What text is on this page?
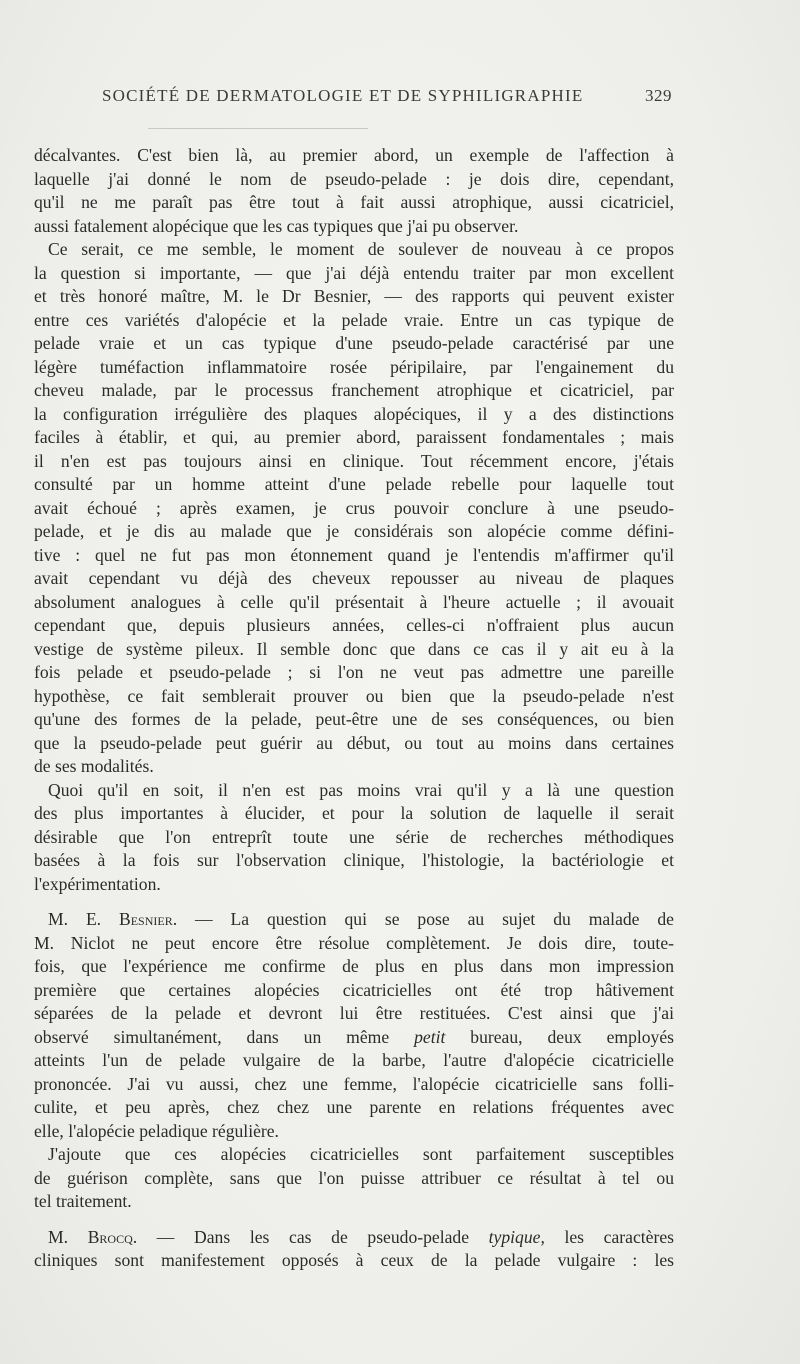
SOCIÉTÉ DE DERMATOLOGIE ET DE SYPHILIGRAPHIE	329
décalvantes. C'est bien là, au premier abord, un exemple de l'affection à
laquelle j'ai donné le nom de pseudo-pelade : je dois dire, cependant,
qu'il ne me paraît pas être tout à fait aussi atrophique, aussi cicatriciel,
aussi fatalement alopécique que les cas typiques que j'ai pu observer.
Ce serait, ce me semble, le moment de soulever de nouveau à ce propos
la question si importante, — que j'ai déjà entendu traiter par mon excellent
et très honoré maître, M. le Dr Besnier, — des rapports qui peuvent exister
entre ces variétés d'alopécie et la pelade vraie. Entre un cas typique de
pelade vraie et un cas typique d'une pseudo-pelade caractérisé par une
légère tuméfaction inflammatoire rosée péripilaire, par l'engainement du
cheveu malade, par le processus franchement atrophique et cicatriciel, par
la configuration irrégulière des plaques alopéciques, il y a des distinctions
faciles à établir, et qui, au premier abord, paraissent fondamentales ; mais
il n'en est pas toujours ainsi en clinique. Tout récemment encore, j'étais
consulté par un homme atteint d'une pelade rebelle pour laquelle tout
avait échoué ; après examen, je crus pouvoir conclure à une pseudo-
pelade, et je dis au malade que je considérais son alopécie comme défini-
tive : quel ne fut pas mon étonnement quand je l'entendis m'affirmer qu'il
avait cependant vu déjà des cheveux repousser au niveau de plaques
absolument analogues à celle qu'il présentait à l'heure actuelle ; il avouait
cependant que, depuis plusieurs années, celles-ci n'offraient plus aucun
vestige de système pileux. Il semble donc que dans ce cas il y ait eu à la
fois pelade et pseudo-pelade ; si l'on ne veut pas admettre une pareille
hypothèse, ce fait semblerait prouver ou bien que la pseudo-pelade n'est
qu'une des formes de la pelade, peut-être une de ses conséquences, ou bien
que la pseudo-pelade peut guérir au début, ou tout au moins dans certaines
de ses modalités.
Quoi qu'il en soit, il n'en est pas moins vrai qu'il y a là une question
des plus importantes à élucider, et pour la solution de laquelle il serait
désirable que l'on entreprît toute une série de recherches méthodiques
basées à la fois sur l'observation clinique, l'histologie, la bactériologie et
l'expérimentation.
M. E. Besnier. — La question qui se pose au sujet du malade de
M. Niclot ne peut encore être résolue complètement. Je dois dire, toute-
fois, que l'expérience me confirme de plus en plus dans mon impression
première que certaines alopécies cicatricielles ont été trop hâtivement
séparées de la pelade et devront lui être restituées. C'est ainsi que j'ai
observé simultanément, dans un même petit bureau, deux employés
atteints l'un de pelade vulgaire de la barbe, l'autre d'alopécie cicatricielle
prononcée. J'ai vu aussi, chez une femme, l'alopécie cicatricielle sans folli-
culite, et peu après, chez chez une parente en relations fréquentes avec
elle, l'alopécie peladique régulière.
J'ajoute que ces alopécies cicatricielles sont parfaitement susceptibles
de guérison complète, sans que l'on puisse attribuer ce résultat à tel ou
tel traitement.
M. Brocq. — Dans les cas de pseudo-pelade typique, les caractères
cliniques sont manifestement opposés à ceux de la pelade vulgaire : les
